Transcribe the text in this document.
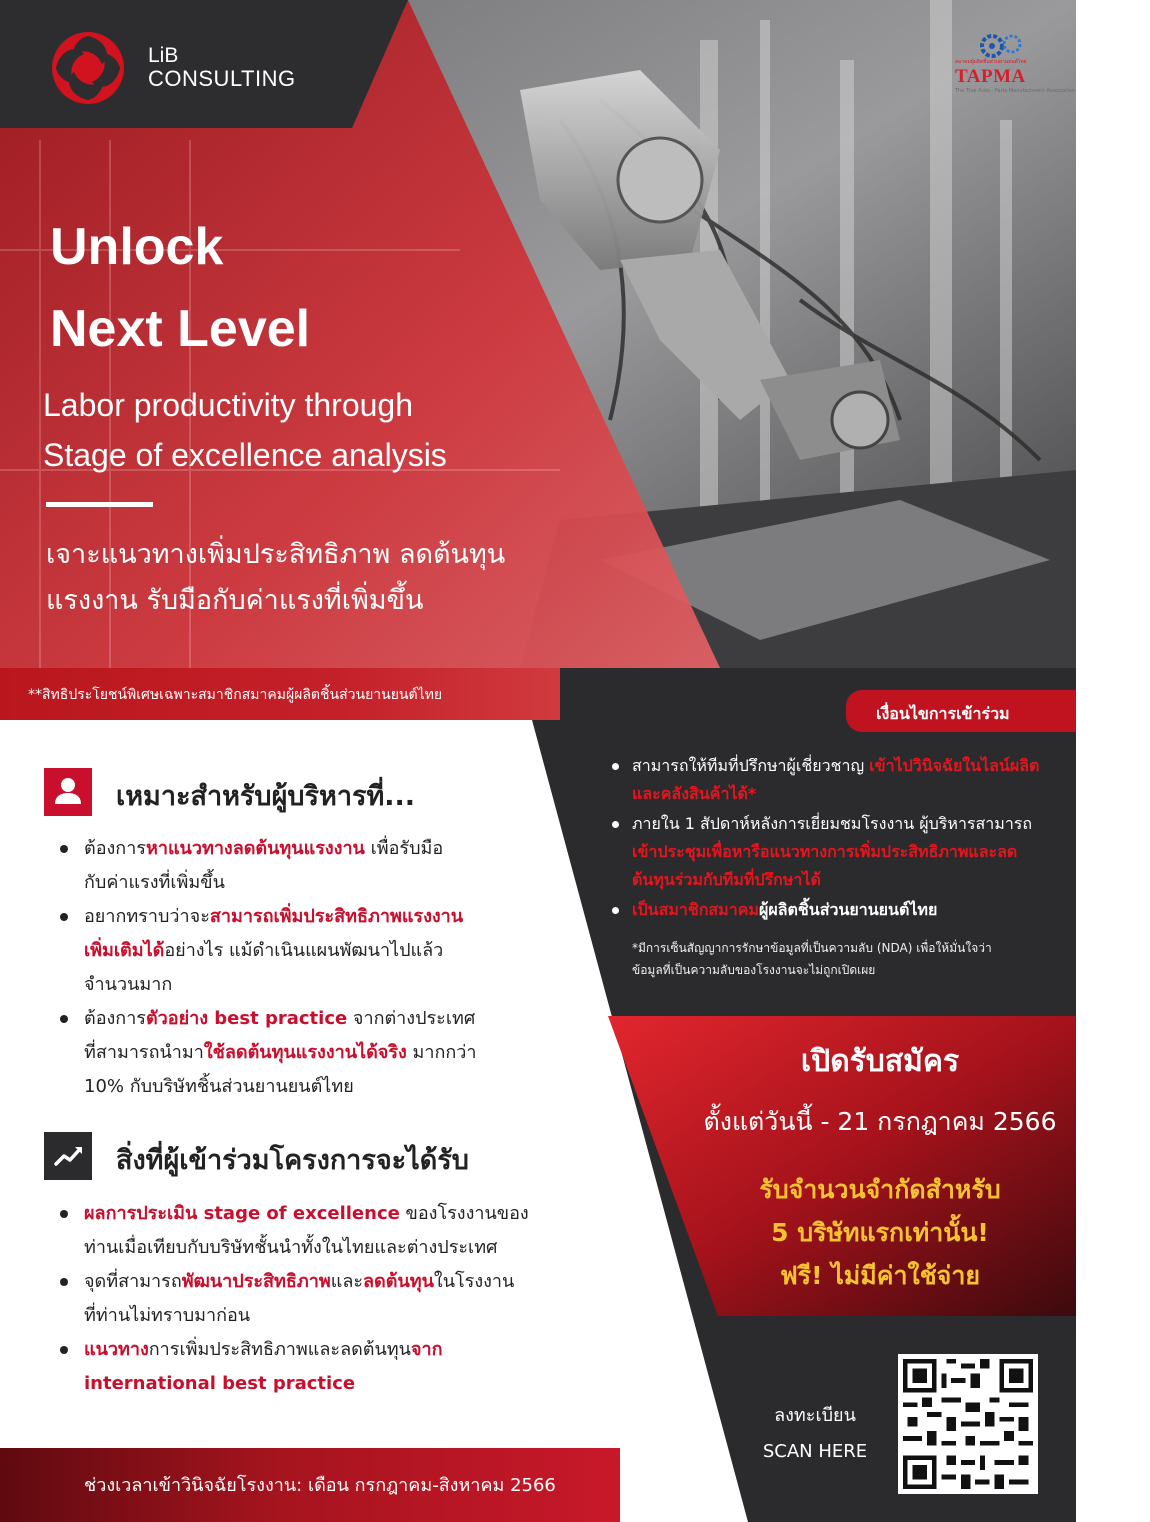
LiB
CONSULTING
สมาคมผู้ผลิตชิ้นส่วนยานยนต์ไทย
TAPMA
The Thai Auto - Parts Manufacturers Association
Unlock
Next Level
Labor productivity through
Stage of excellence analysis
เจาะแนวทางเพิ่มประสิทธิภาพ ลดต้นทุน
แรงงาน รับมือกับค่าแรงที่เพิ่มขึ้น
**สิทธิประโยชน์พิเศษเฉพาะสมาชิกสมาคมผู้ผลิตชิ้นส่วนยานยนต์ไทย
เงื่อนไขการเข้าร่วม
สามารถให้ทีมที่ปรึกษาผู้เชี่ยวชาญ เข้าไปวินิจฉัยในไลน์ผลิตและคลังสินค้าได้*
ภายใน 1 สัปดาห์หลังการเยี่ยมชมโรงงาน ผู้บริหารสามารถเข้าประชุมเพื่อหารือแนวทางการเพิ่มประสิทธิภาพและลดต้นทุนร่วมกับทีมที่ปรึกษาได้
เป็นสมาชิกสมาคมผู้ผลิตชิ้นส่วนยานยนต์ไทย
*มีการเซ็นสัญญาการรักษาข้อมูลที่เป็นความลับ (NDA) เพื่อให้มั่นใจว่า
ข้อมูลที่เป็นความลับของโรงงานจะไม่ถูกเปิดเผย
เปิดรับสมัคร
ตั้งแต่วันนี้ - 21 กรกฎาคม 2566
รับจำนวนจำกัดสำหรับ
5 บริษัทแรกเท่านั้น!
ฟรี! ไม่มีค่าใช้จ่าย
ลงทะเบียน
SCAN HERE
เหมาะสำหรับผู้บริหารที่...
ต้องการหาแนวทางลดต้นทุนแรงงาน เพื่อรับมือ
กับค่าแรงที่เพิ่มขึ้น
อยากทราบว่าจะสามารถเพิ่มประสิทธิภาพแรงงาน
เพิ่มเติมได้อย่างไร แม้ดำเนินแผนพัฒนาไปแล้ว
จำนวนมาก
ต้องการตัวอย่าง best practice จากต่างประเทศ
ที่สามารถนำมาใช้ลดต้นทุนแรงงานได้จริง มากกว่า
10% กับบริษัทชิ้นส่วนยานยนต์ไทย
สิ่งที่ผู้เข้าร่วมโครงการจะได้รับ
ผลการประเมิน stage of excellence ของโรงงานของ
ท่านเมื่อเทียบกับบริษัทชั้นนำทั้งในไทยและต่างประเทศ
จุดที่สามารถพัฒนาประสิทธิภาพและลดต้นทุนในโรงงาน
ที่ท่านไม่ทราบมาก่อน
แนวทางการเพิ่มประสิทธิภาพและลดต้นทุนจาก
international best practice
ช่วงเวลาเข้าวินิจฉัยโรงงาน: เดือน กรกฎาคม-สิงหาคม 2566
